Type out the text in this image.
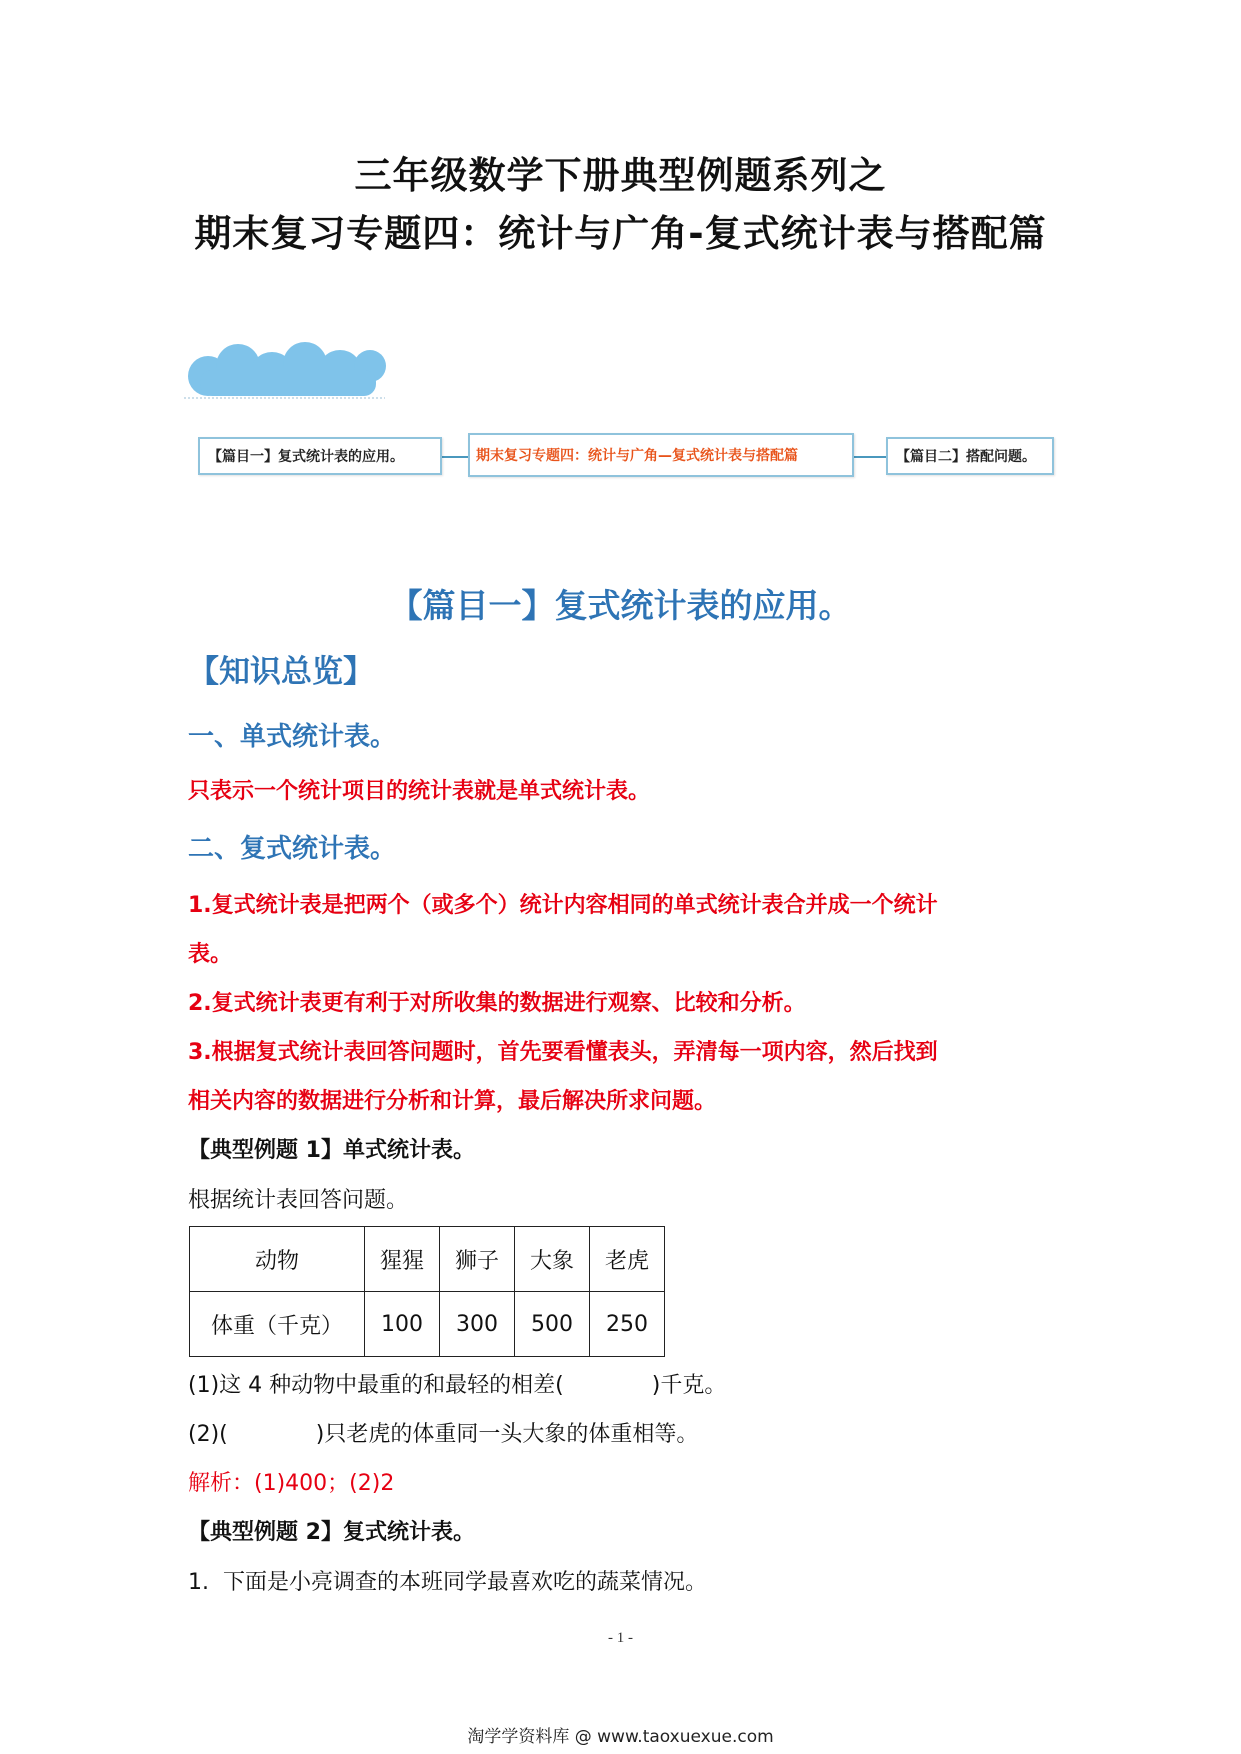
三年级数学下册典型例题系列之
期末复习专题四：统计与广角-复式统计表与搭配篇
【篇目一】复式统计表的应用。	期末复习专题四：统计与广角—复式统计表与搭配篇	【篇目二】搭配问题。
【篇目一】复式统计表的应用。
【知识总览】
一、单式统计表。
只表示一个统计项目的统计表就是单式统计表。
二、复式统计表。
1.复式统计表是把两个（或多个）统计内容相同的单式统计表合并成一个统计
表。
2.复式统计表更有利于对所收集的数据进行观察、比较和分析。
3.根据复式统计表回答问题时，首先要看懂表头，弄清每一项内容，然后找到
相关内容的数据进行分析和计算，最后解决所求问题。
【典型例题 1】单式统计表。
根据统计表回答问题。
动物	猩猩	狮子	大象	老虎
体重（千克）	100	300	500	250
(1)这 4 种动物中最重的和最轻的相差(　　　　)千克。
(2)(　　　　)只老虎的体重同一头大象的体重相等。
解析：(1)400；(2)2
【典型例题 2】复式统计表。
1.  下面是小亮调查的本班同学最喜欢吃的蔬菜情况。
- 1 -
淘学学资料库 @ www.taoxuexue.com
